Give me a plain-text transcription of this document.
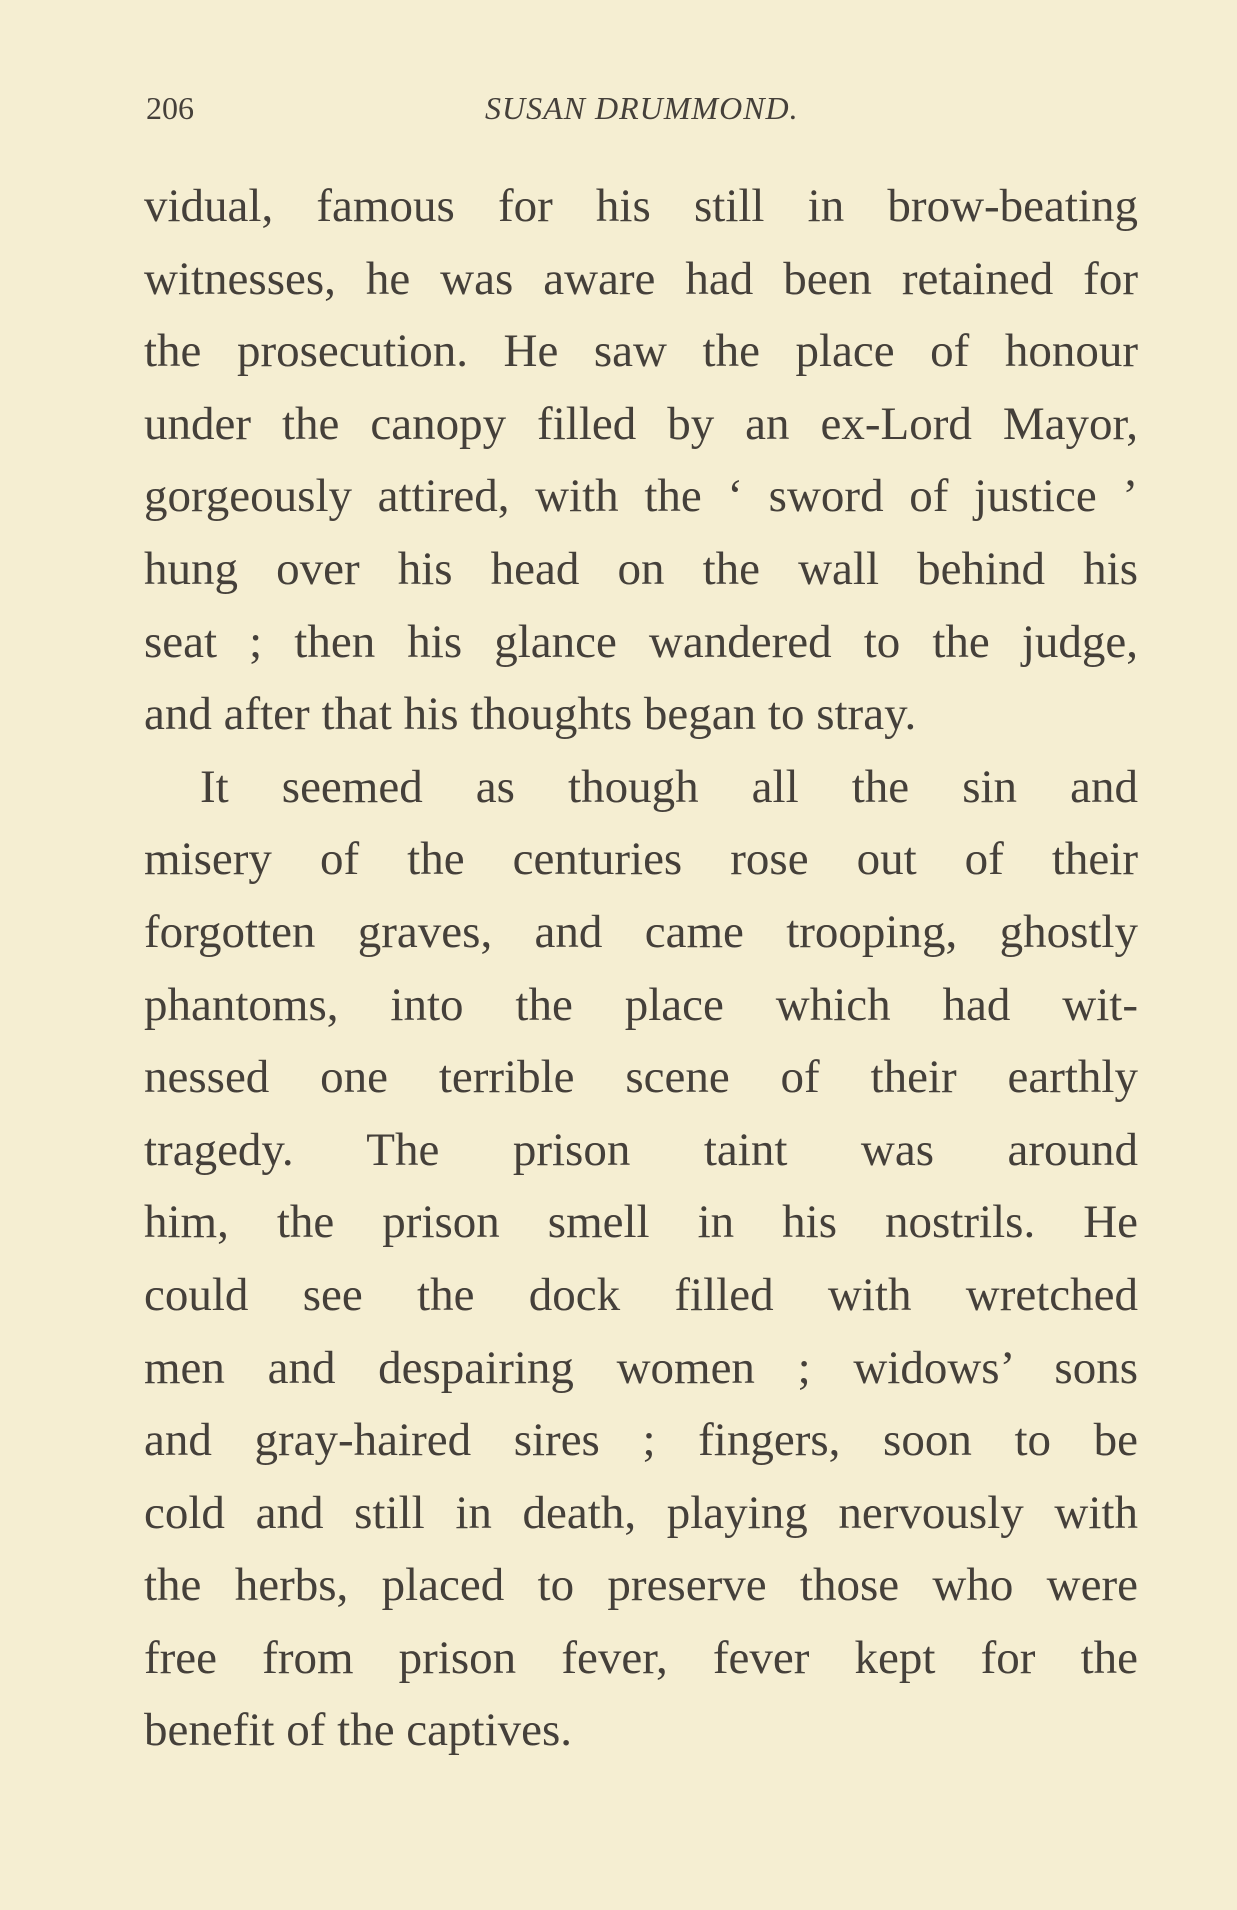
206	SUSAN DRUMMOND.
vidual, famous for his still in brow-beating
witnesses, he was aware had been retained for
the prosecution. He saw the place of honour
under the canopy filled by an ex-Lord Mayor,
gorgeously attired, with the ‘ sword of justice ’
hung over his head on the wall behind his
seat ; then his glance wandered to the judge,
and after that his thoughts began to stray.
It seemed as though all the sin and
misery of the centuries rose out of their
forgotten graves, and came trooping, ghostly
phantoms, into the place which had wit-
nessed one terrible scene of their earthly
tragedy. The prison taint was around
him, the prison smell in his nostrils. He
could see the dock filled with wretched
men and despairing women ; widows’ sons
and gray-haired sires ; fingers, soon to be
cold and still in death, playing nervously with
the herbs, placed to preserve those who were
free from prison fever, fever kept for the
benefit of the captives.
